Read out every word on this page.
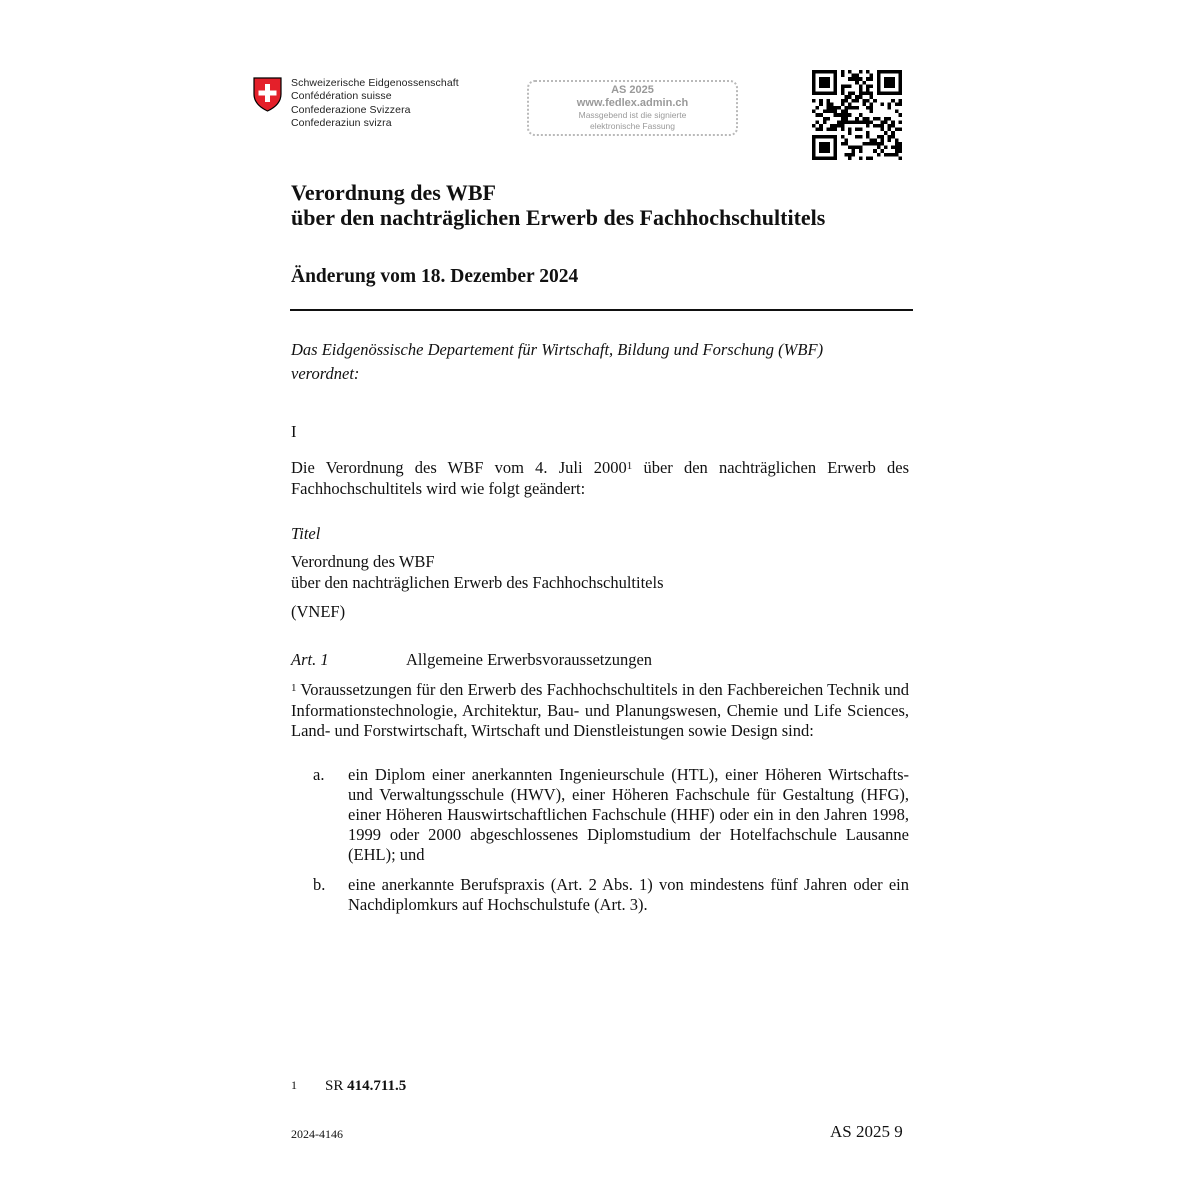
Schweizerische Eidgenossenschaft
Confédération suisse
Confederazione Svizzera
Confederaziun svizra
AS 2025
www.fedlex.admin.ch
Massgebend ist die signierte
elektronische Fassung
Verordnung des WBF
über den nachträglichen Erwerb des Fachhochschultitels
Änderung vom 18. Dezember 2024
Das Eidgenössische Departement für Wirtschaft, Bildung und Forschung (WBF)
verordnet:
I
Die Verordnung des WBF vom 4. Juli 2000$^1$ über den nachträglichen Erwerb des Fachhochschultitels wird wie folgt geändert:
Titel
Verordnung des WBF
über den nachträglichen Erwerb des Fachhochschultitels
(VNEF)
Art. 1	Allgemeine Erwerbsvoraussetzungen
$^1$ Voraussetzungen für den Erwerb des Fachhochschultitels in den Fachbereichen Technik und Informationstechnologie, Architektur, Bau- und Planungswesen, Chemie und Life Sciences, Land- und Forstwirtschaft, Wirtschaft und Dienstleistungen sowie Design sind:
a. ein Diplom einer anerkannten Ingenieurschule (HTL), einer Höheren Wirtschafts- und Verwaltungsschule (HWV), einer Höheren Fachschule für Gestaltung (HFG), einer Höheren Hauswirtschaftlichen Fachschule (HHF) oder ein in den Jahren 1998, 1999 oder 2000 abgeschlossenes Diplomstudium der Hotelfachschule Lausanne (EHL); und
b. eine anerkannte Berufspraxis (Art. 2 Abs. 1) von mindestens fünf Jahren oder ein Nachdiplomkurs auf Hochschulstufe (Art. 3).
$^1$ SR 414.711.5
2024-4146	AS 2025 9
